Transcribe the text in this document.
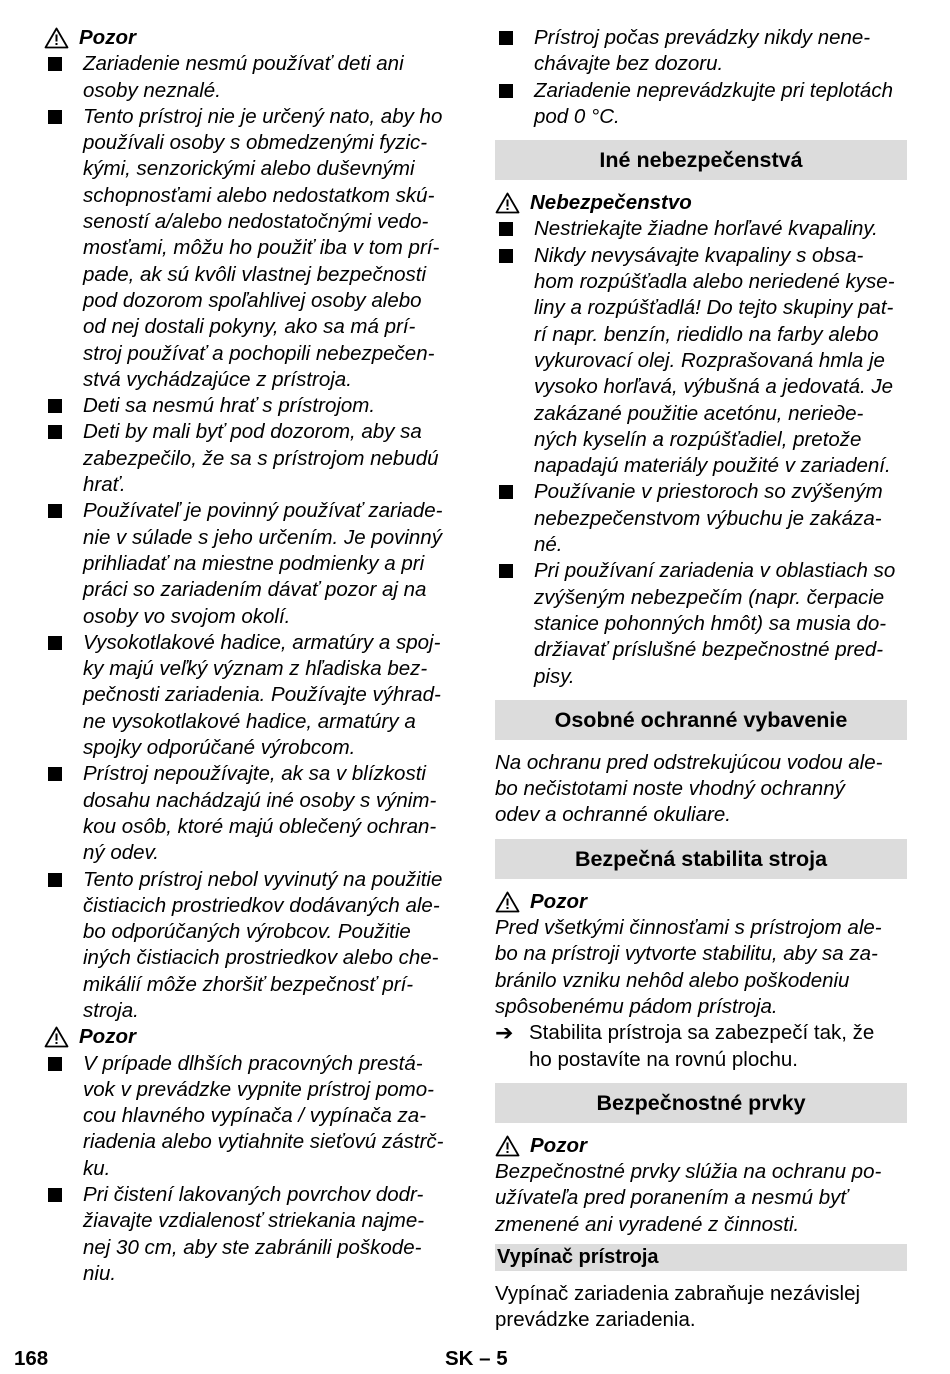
Pozor
Zariadenie nesmú používať deti ani
osoby neznalé.
Tento prístroj nie je určený nato, aby ho
používali osoby s obmedzenými fyzic-
kými, senzorickými alebo duševnými
schopnosťami alebo nedostatkom skú-
seností a/alebo nedostatočnými vedo-
mosťami, môžu ho použiť iba v tom prí-
pade, ak sú kvôli vlastnej bezpečnosti
pod dozorom spoľahlivej osoby alebo
od nej dostali pokyny, ako sa má prí-
stroj používať a pochopili nebezpečen-
stvá vychádzajúce z prístroja.
Deti sa nesmú hrať s prístrojom.
Deti by mali byť pod dozorom, aby sa
zabezpečilo, že sa s prístrojom nebudú
hrať.
Používateľ je povinný používať zariade-
nie v súlade s jeho určením. Je povinný
prihliadať na miestne podmienky a pri
práci so zariadením dávať pozor aj na
osoby vo svojom okolí.
Vysokotlakové hadice, armatúry a spoj-
ky majú veľký význam z hľadiska bez-
pečnosti zariadenia. Používajte výhrad-
ne vysokotlakové hadice, armatúry a
spojky odporúčané výrobcom.
Prístroj nepoužívajte, ak sa v blízkosti
dosahu nachádzajú iné osoby s výnim-
kou osôb, ktoré majú oblečený ochran-
ný odev.
Tento prístroj nebol vyvinutý na použitie
čistiacich prostriedkov dodávaných ale-
bo odporúčaných výrobcov. Použitie
iných čistiacich prostriedkov alebo che-
mikálií môže zhoršiť bezpečnosť prí-
stroja.
Pozor
V prípade dlhších pracovných prestá-
vok v prevádzke vypnite prístroj pomo-
cou hlavného vypínača / vypínača za-
riadenia alebo vytiahnite sieťovú zástrč-
ku.
Pri čistení lakovaných povrchov dodr-
žiavajte vzdialenosť striekania najme-
nej 30 cm, aby ste zabránili poškode-
niu.
Prístroj počas prevádzky nikdy nene-
chávajte bez dozoru.
Zariadenie neprevádzkujte pri teplotách
pod 0 °C.
Iné nebezpečenstvá
Nebezpečenstvo
Nestriekajte žiadne horľavé kvapaliny.
Nikdy nevysávajte kvapaliny s obsa-
hom rozpúšťadla alebo neriedené kyse-
liny a rozpúšťadlá! Do tejto skupiny pat-
rí napr. benzín, riedidlo na farby alebo
vykurovací olej. Rozprašovaná hmla je
vysoko horľavá, výbušná a jedovatá. Je
zakázané použitie acetónu, nerieде-
ných kyselín a rozpúšťadiel, pretože
napadajú materiály použité v zariadení.
Používanie v priestoroch so zvýšeným
nebezpečenstvom výbuchu je zakáza-
né.
Pri používaní zariadenia v oblastiach so
zvýšeným nebezpečím (napr. čerpacie
stanice pohonných hmôt) sa musia do-
držiavať príslušné bezpečnostné pred-
pisy.
Osobné ochranné vybavenie
Na ochranu pred odstrekujúcou vodou ale-
bo nečistotami noste vhodný ochranný
odev a ochranné okuliare.
Bezpečná stabilita stroja
Pozor
Pred všetkými činnosťami s prístrojom ale-
bo na prístroji vytvorte stabilitu, aby sa za-
bránilo vzniku nehôd alebo poškodeniu
spôsobenému pádom prístroja.
➔ Stabilita prístroja sa zabezpečí tak, že
ho postavíte na rovnú plochu.
Bezpečnostné prvky
Pozor
Bezpečnostné prvky slúžia na ochranu po-
užívateľa pred poranením a nesmú byť
zmenené ani vyradené z činnosti.
Vypínač prístroja
Vypínač zariadenia zabraňuje nezávislej
prevádzke zariadenia.
168	SK – 5
